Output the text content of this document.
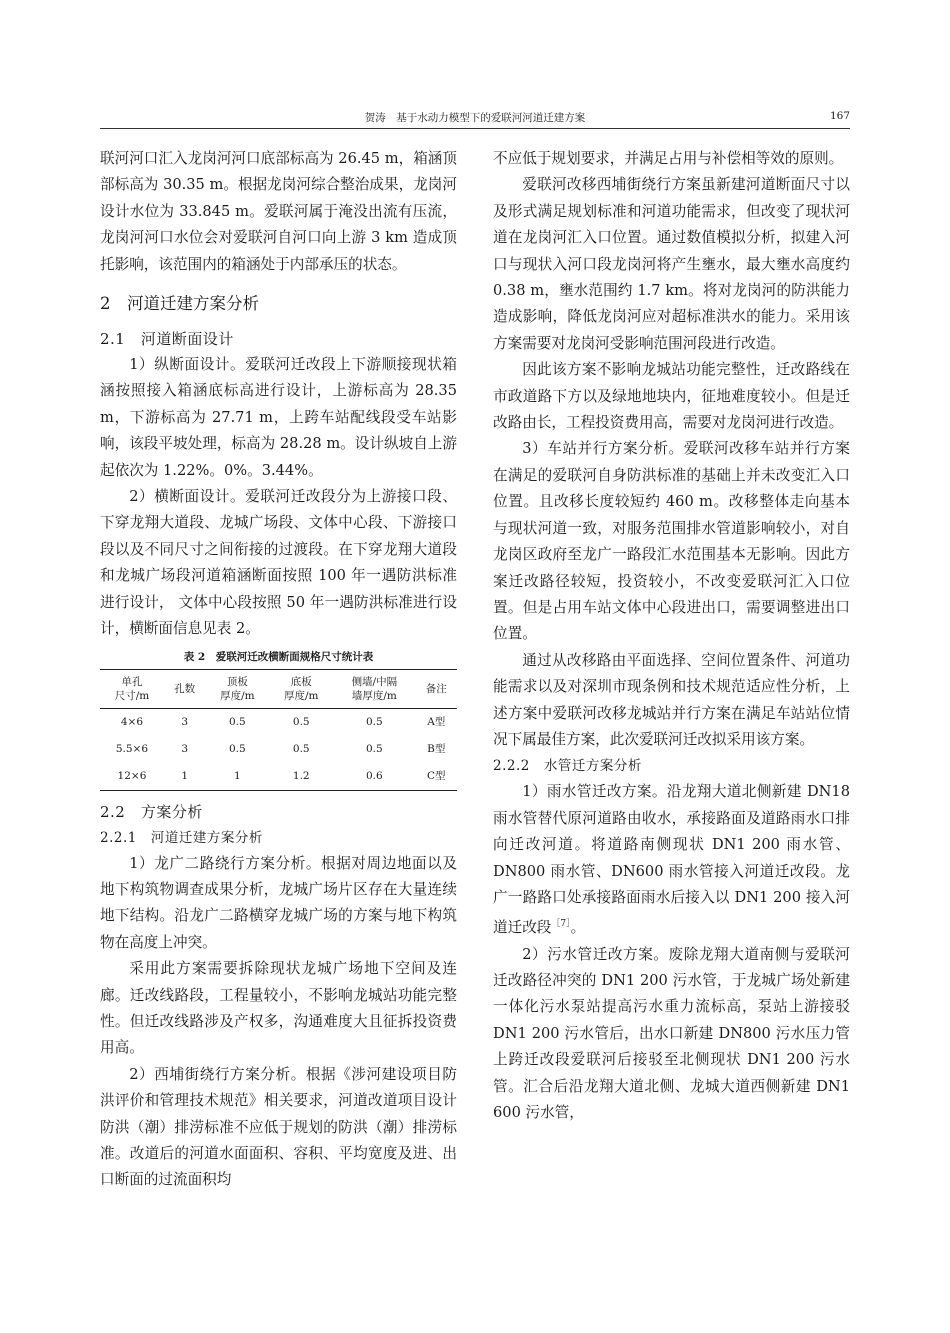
贺涛  基于水动力模型下的爱联河河道迁建方案	167

联河河口汇入龙岗河河口底部标高为 26.45 m，箱涵顶部标高为 30.35 m。根据龙岗河综合整治成果，龙岗河设计水位为 33.845 m。爱联河属于淹没出流有压流，龙岗河河口水位会对爱联河自河口向上游 3 km 造成顶托影响，该范围内的箱涵处于内部承压的状态。

2　河道迁建方案分析
2.1　河道断面设计

1）纵断面设计。爱联河迁改段上下游顺接现状箱涵按照接入箱涵底标高进行设计，上游标高为 28.35 m，下游标高为 27.71 m，上跨车站配线段受车站影响，该段平坡处理，标高为 28.28 m。设计纵坡自上游起依次为 1.22%。0%。3.44%。

2）横断面设计。爱联河迁改段分为上游接口段、下穿龙翔大道段、龙城广场段、文体中心段、下游接口段以及不同尺寸之间衔接的过渡段。在下穿龙翔大道段和龙城广场段河道箱涵断面按照 100 年一遇防洪标准进行设计， 文体中心段按照 50 年一遇防洪标准进行设计，横断面信息见表 2。

表 2　爱联河迁改横断面规格尺寸统计表
单孔
尺寸/m	孔数	顶板
厚度/m	底板
厚度/m	侧墙/中隔
墙厚度/m	备注
4×6	3	0.5	0.5	0.5	A型
5.5×6	3	0.5	0.5	0.5	B型
12×6	1	1	1.2	0.6	C型
2.2　方案分析
2.2.1　河道迁建方案分析

1）龙广二路绕行方案分析。根据对周边地面以及地下构筑物调查成果分析，龙城广场片区存在大量连续地下结构。沿龙广二路横穿龙城广场的方案与地下构筑物在高度上冲突。

采用此方案需要拆除现状龙城广场地下空间及连廊。迁改线路段，工程量较小，不影响龙城站功能完整性。但迁改线路涉及产权多，沟通难度大且征拆投资费用高。

2）西埔街绕行方案分析。根据《涉河建设项目防洪评价和管理技术规范》相关要求，河道改道项目设计防洪（潮）排涝标准不应低于规划的防洪（潮）排涝标准。改道后的河道水面面积、容积、平均宽度及进、出口断面的过流面积均

不应低于规划要求，并满足占用与补偿相等效的原则。

爱联河改移西埔街绕行方案虽新建河道断面尺寸以及形式满足规划标准和河道功能需求，但改变了现状河道在龙岗河汇入口位置。通过数值模拟分析，拟建入河口与现状入河口段龙岗河将产生壅水，最大壅水高度约 0.38 m，壅水范围约 1.7 km。将对龙岗河的防洪能力造成影响，降低龙岗河应对超标准洪水的能力。采用该方案需要对龙岗河受影响范围河段进行改造。

因此该方案不影响龙城站功能完整性，迁改路线在市政道路下方以及绿地地块内，征地难度较小。但是迁改路由长，工程投资费用高，需要对龙岗河进行改造。

3）车站并行方案分析。爱联河改移车站并行方案在满足的爱联河自身防洪标准的基础上并未改变汇入口位置。且改移长度较短约 460 m。改移整体走向基本与现状河道一致，对服务范围排水管道影响较小，对自龙岗区政府至龙广一路段汇水范围基本无影响。因此方案迁改路径较短，投资较小，不改变爱联河汇入口位置。但是占用车站文体中心段进出口，需要调整进出口位置。

通过从改移路由平面选择、空间位置条件、河道功能需求以及对深圳市现条例和技术规范适应性分析，上述方案中爱联河改移龙城站并行方案在满足车站站位情况下属最佳方案，此次爱联河迁改拟采用该方案。

2.2.2　水管迁方案分析

1）雨水管迁改方案。沿龙翔大道北侧新建 DN18 雨水管替代原河道路由收水，承接路面及道路雨水口排向迁改河道。将道路南侧现状 DN1 200 雨水管、DN800 雨水管、DN600 雨水管接入河道迁改段。龙广一路路口处承接路面雨水后接入以 DN1 200 接入河道迁改段$^{[7]}$。

2）污水管迁改方案。废除龙翔大道南侧与爱联河迁改路径冲突的 DN1 200 污水管，于龙城广场处新建一体化污水泵站提高污水重力流标高，泵站上游接驳 DN1 200 污水管后，出水口新建 DN800 污水压力管上跨迁改段爱联河后接驳至北侧现状 DN1 200 污水管。汇合后沿龙翔大道北侧、龙城大道西侧新建 DN1 600 污水管，
